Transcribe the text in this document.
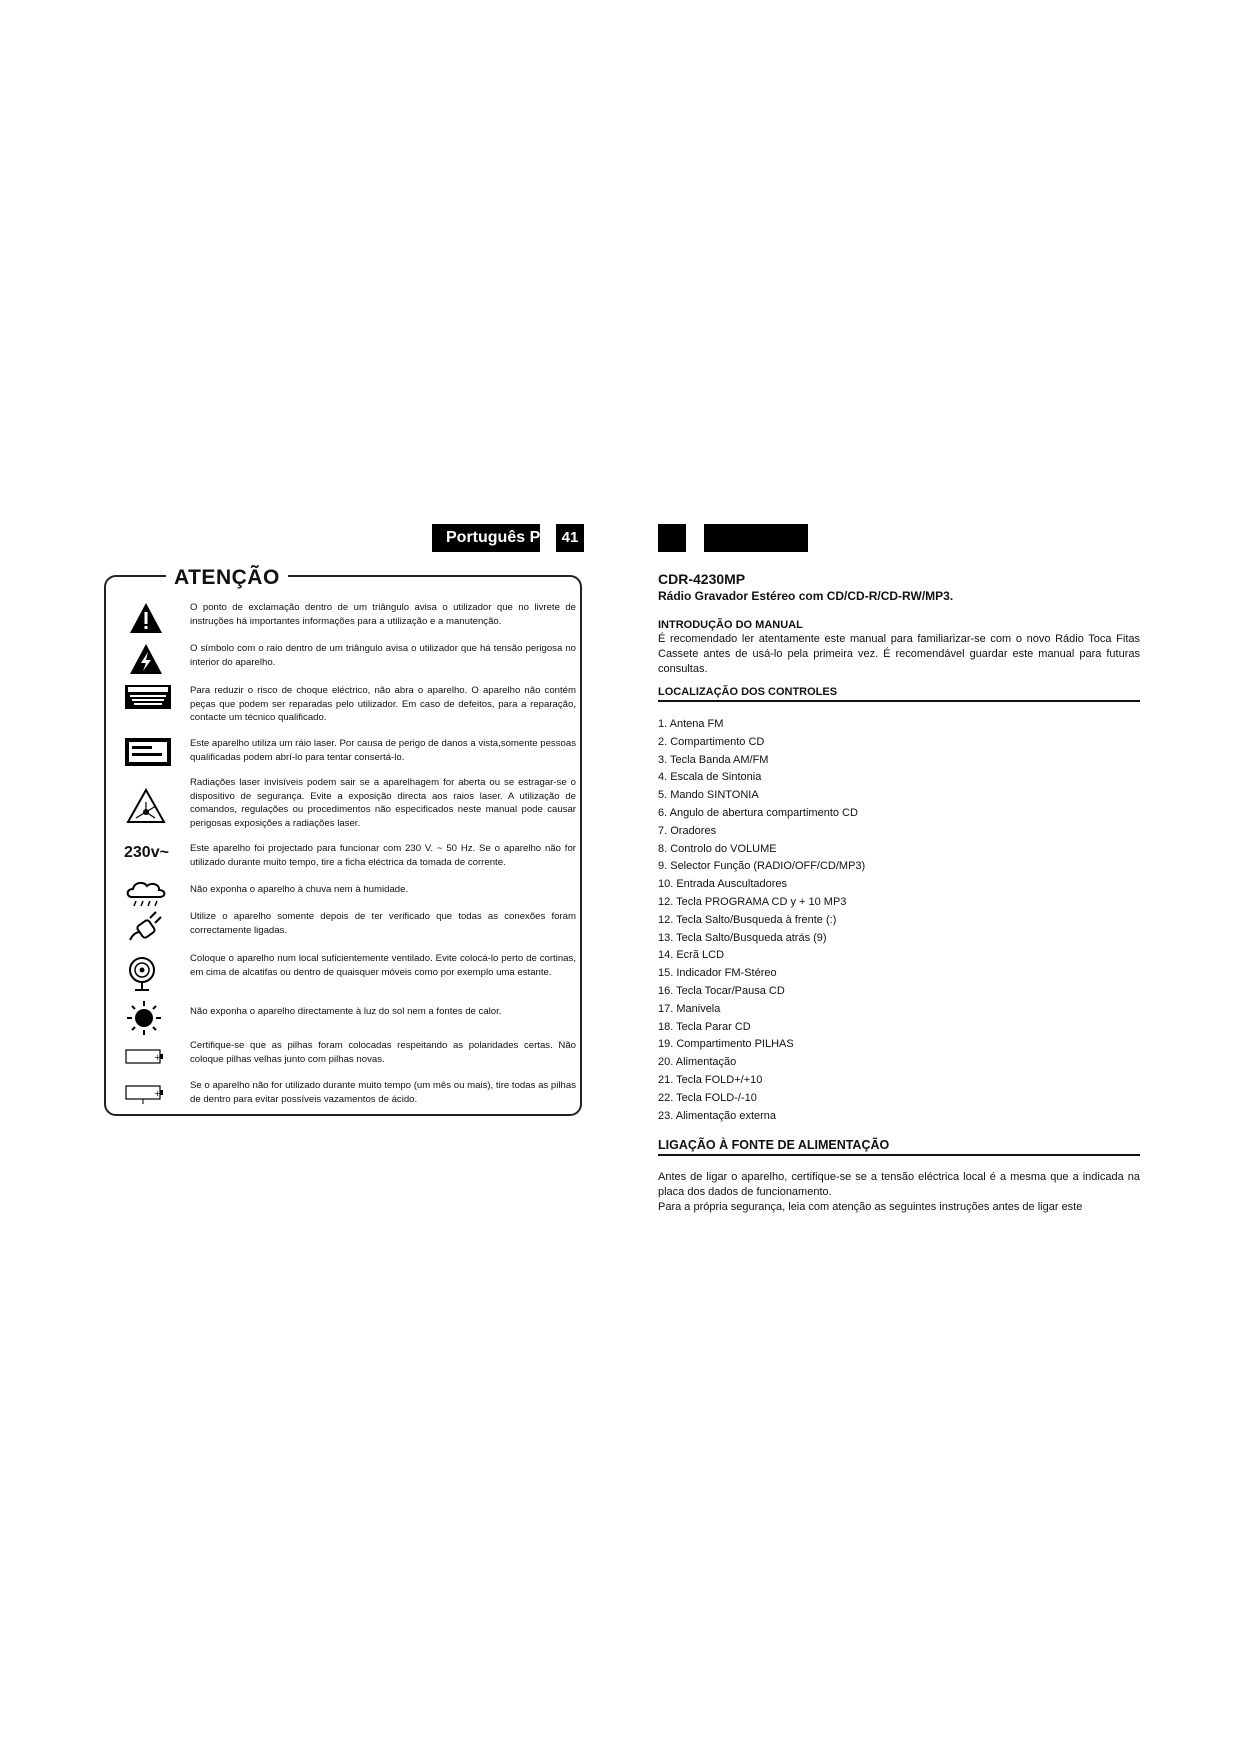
Português P	41
ATENÇÃO
O ponto de exclamação dentro de um triângulo avisa o utilizador que no livrete de instruções há importantes informações para a utilização e a manutenção.
O símbolo com o raio dentro de um triângulo avisa o utilizador que há tensão perigosa no interior do aparelho.
Para reduzir o risco de choque eléctrico, não abra o aparelho. O aparelho não contém peças que podem ser reparadas pelo utilizador. Em caso de defeitos, para a reparação, contacte um técnico qualificado.
Este aparelho utiliza um ráio laser. Por causa de perigo de danos a vista,somente pessoas qualificadas podem abrí-lo para tentar consertá-lo.
Radiações laser invisíveis podem sair se a aparelhagem for aberta ou se estragar-se o dispositivo de segurança. Evite a exposição directa aos raios laser. A utilização de comandos, regulações ou procedimentos não especificados neste manual pode causar perigosas exposições a radiações laser.
230v~ Este aparelho foi projectado para funcionar com 230 V. ~ 50 Hz. Se o aparelho não for utilizado durante muito tempo, tire a ficha eléctrica da tomada de corrente.
Não exponha o aparelho à chuva nem à humidade.
Utilize o aparelho somente depois de ter verificado que todas as conexões foram correctamente ligadas.
Coloque o aparelho num local suficientemente ventilado. Evite colocá-lo perto de cortinas, em cima de alcatifas ou dentro de quaisquer móveis como por exemplo uma estante.
Não exponha o aparelho directamente à luz do sol nem a fontes de calor.
+
Certifique-se que as pilhas foram colocadas respeitando as polaridades certas. Não coloque pilhas velhas junto com pilhas novas.
+
Se o aparelho não for utilizado durante muito tempo (um mês ou mais), tire todas as pilhas de dentro para evitar possíveis vazamentos de ácido.
CDR-4230MP
Rádio Gravador Estéreo com CD/CD-R/CD-RW/MP3.
INTRODUÇÃO DO MANUAL
É recomendado ler atentamente este manual para familiarizar-se com o novo Rádio Toca Fitas Cassete antes de usá-lo pela primeira vez. É recomendável guardar este manual para futuras consultas.
LOCALIZAÇÃO DOS CONTROLES
1. Antena FM
2. Compartimento CD
3. Tecla Banda AM/FM
4. Escala de Sintonia
5. Mando SINTONIA
6. Angulo de abertura compartimento CD
7. Oradores
8. Controlo do VOLUME
9. Selector Função (RADIO/OFF/CD/MP3)
10. Entrada Auscultadores
12. Tecla PROGRAMA CD y + 10 MP3
12. Tecla Salto/Busqueda à frente (:)
13. Tecla Salto/Busqueda atrás (9)
14. Ecrã LCD
15. Indicador FM-Stéreo
16. Tecla Tocar/Pausa CD
17. Manivela
18. Tecla Parar CD
19. Compartimento PILHAS
20. Alimentação
21. Tecla FOLD+/+10
22. Tecla FOLD-/-10
23. Alimentação externa
LIGAÇÃO À FONTE DE ALIMENTAÇÃO
Antes de ligar o aparelho, certifique-se se a tensão eléctrica local é a mesma que a indicada na placa dos dados de funcionamento.
Para a própria segurança, leia com atenção as seguintes instruções antes de ligar este
